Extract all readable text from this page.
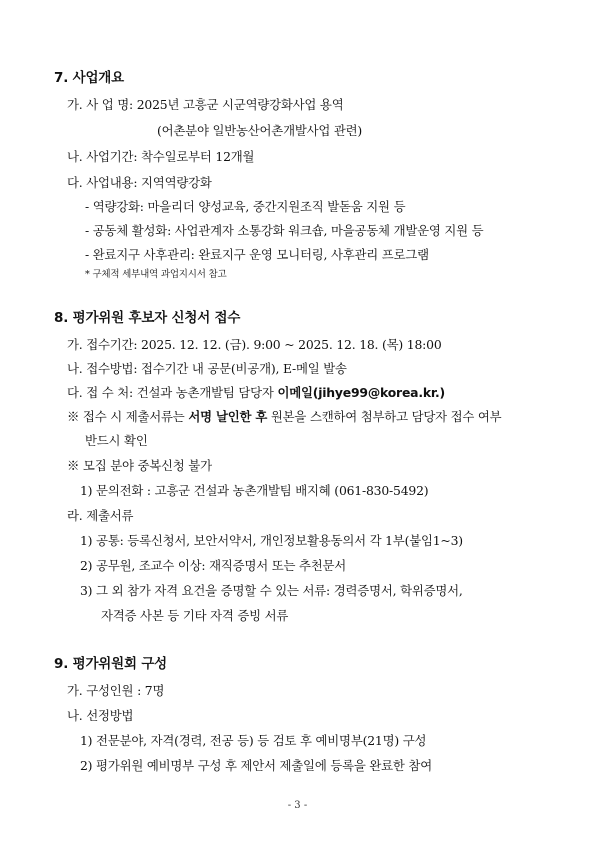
7. 사업개요
가. 사 업 명: 2025년 고흥군 시군역량강화사업 용역
(어촌분야 일반농산어촌개발사업 관련)
나. 사업기간: 착수일로부터 12개월
다. 사업내용: 지역역량강화
- 역량강화: 마을리더 양성교육, 중간지원조직 발돋움 지원 등
- 공동체 활성화: 사업관계자 소통강화 워크숍, 마을공동체 개발운영 지원 등
- 완료지구 사후관리: 완료지구 운영 모니터링, 사후관리 프로그램
* 구체적 세부내역 과업지시서 참고
8. 평가위원 후보자 신청서 접수
가. 접수기간: 2025. 12. 12. (금). 9:00 ~ 2025. 12. 18. (목) 18:00
나. 접수방법: 접수기간 내 공문(비공개), E-메일 발송
다. 접 수 처: 건설과 농촌개발팀 담당자 이메일(jihye99@korea.kr.)
※ 접수 시 제출서류는 서명 날인한 후 원본을 스캔하여 첨부하고 담당자 접수 여부
반드시 확인
※ 모집 분야 중복신청 불가
1) 문의전화 : 고흥군 건설과 농촌개발팀 배지혜 (061-830-5492)
라. 제출서류
1) 공통: 등록신청서, 보안서약서, 개인정보활용동의서 각 1부(붙임1~3)
2) 공무원, 조교수 이상: 재직증명서 또는 추천문서
3) 그 외 참가 자격 요건을 증명할 수 있는 서류: 경력증명서, 학위증명서,
자격증 사본 등 기타 자격 증빙 서류
9. 평가위원회 구성
가. 구성인원 : 7명
나. 선정방법
1) 전문분야, 자격(경력, 전공 등) 등 검토 후 예비명부(21명) 구성
2) 평가위원 예비명부 구성 후 제안서 제출일에 등록을 완료한 참여
- 3 -
